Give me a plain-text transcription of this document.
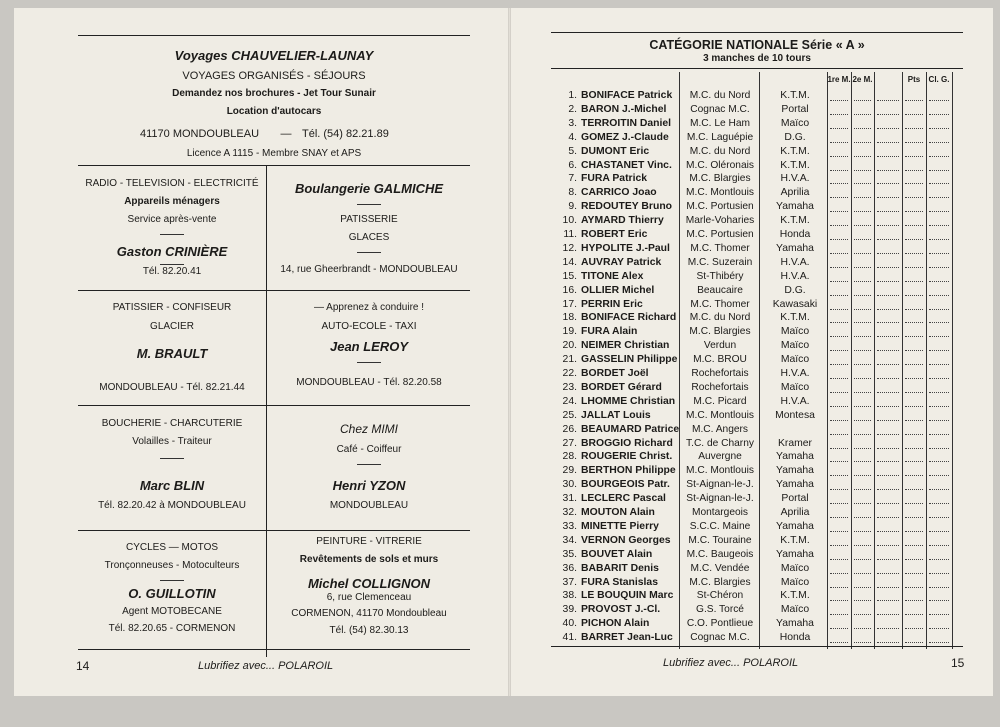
Voyages CHAUVELIER-LAUNAY
VOYAGES ORGANISÉS - SÉJOURS
Demandez nos brochures - Jet Tour Sunair
Location d'autocars
41170 MONDOUBLEAU	— Tél. (54) 82.21.89
Licence A 1115 - Membre SNAY et APS
RADIO - TELEVISION - ELECTRICITÉ
Appareils ménagers
Service après-vente
Gaston CRINIÈRE
Tél. 82.20.41
Boulangerie GALMICHE
PATISSERIE
GLACES
14, rue Gheerbrandt - MONDOUBLEAU
PATISSIER - CONFISEUR
GLACIER
M. BRAULT
MONDOUBLEAU - Tél. 82.21.44
— Apprenez à conduire !
AUTO-ECOLE - TAXI
Jean LEROY
MONDOUBLEAU - Tél. 82.20.58
BOUCHERIE - CHARCUTERIE
Volailles - Traiteur
Marc BLIN
Tél. 82.20.42 à MONDOUBLEAU
Chez MIMI
Café - Coiffeur
Henri YZON
MONDOUBLEAU
CYCLES — MOTOS
Tronçonneuses - Motoculteurs
O. GUILLOTIN
Agent MOTOBECANE
Tél. 82.20.65 - CORMENON
PEINTURE - VITRERIE
Revêtements de sols et murs
Michel COLLIGNON
6, rue Clemenceau
CORMENON, 41170 Mondoubleau
Tél. (54) 82.30.13
14	Lubrifiez avec... POLAROIL
CATÉGORIE NATIONALE Série « A »
3 manches de 10 tours
1re M. 2e M.	Pts	Cl. G.
1. BONIFACE Patrick	M.C. du Nord	K.T.M.
2. BARON J.-Michel	Cognac M.C.	Portal
3. TERROITIN Daniel	M.C. Le Ham	Maïco
4. GOMEZ J.-Claude	M.C. Laguépie	D.G.
5. DUMONT Eric	M.C. du Nord	K.T.M.
6. CHASTANET Vinc.	M.C. Oléronais	K.T.M.
7. FURA Patrick	M.C. Blargies	H.V.A.
8. CARRICO Joao	M.C. Montlouis	Aprilia
9. REDOUTEY Bruno	M.C. Portusien	Yamaha
10. AYMARD Thierry	Marle-Voharies	K.T.M.
11. ROBERT Eric	M.C. Portusien	Honda
12. HYPOLITE J.-Paul	M.C. Thomer	Yamaha
14. AUVRAY Patrick	M.C. Suzerain	H.V.A.
15. TITONE Alex	St-Thibéry	H.V.A.
16. OLLIER Michel	Beaucaire	D.G.
17. PERRIN Eric	M.C. Thomer	Kawasaki
18. BONIFACE Richard	M.C. du Nord	K.T.M.
19. FURA Alain	M.C. Blargies	Maïco
20. NEIMER Christian	Verdun	Maïco
21. GASSELIN Philippe	M.C. BROU	Maïco
22. BORDET Joël	Rochefortais	H.V.A.
23. BORDET Gérard	Rochefortais	Maïco
24. LHOMME Christian	M.C. Picard	H.V.A.
25. JALLAT Louis	M.C. Montlouis	Montesa
26. BEAUMARD Patrice	M.C. Angers
27. BROGGIO Richard	T.C. de Charny	Kramer
28. ROUGERIE Christ.	Auvergne	Yamaha
29. BERTHON Philippe	M.C. Montlouis	Yamaha
30. BOURGEOIS Patr.	St-Aignan-le-J.	Yamaha
31. LECLERC Pascal	St-Aignan-le-J.	Portal
32. MOUTON Alain	Montargeois	Aprilia
33. MINETTE Pierry	S.C.C. Maine	Yamaha
34. VERNON Georges	M.C. Touraine	K.T.M.
35. BOUVET Alain	M.C. Baugeois	Yamaha
36. BABARIT Denis	M.C. Vendée	Maïco
37. FURA Stanislas	M.C. Blargies	Maïco
38. LE BOUQUIN Marc	St-Chéron	K.T.M.
39. PROVOST J.-Cl.	G.S. Torcé	Maïco
40. PICHON Alain	C.O. Pontlieue	Yamaha
41. BARRET Jean-Luc	Cognac M.C.	Honda
Lubrifiez avec... POLAROIL	15
